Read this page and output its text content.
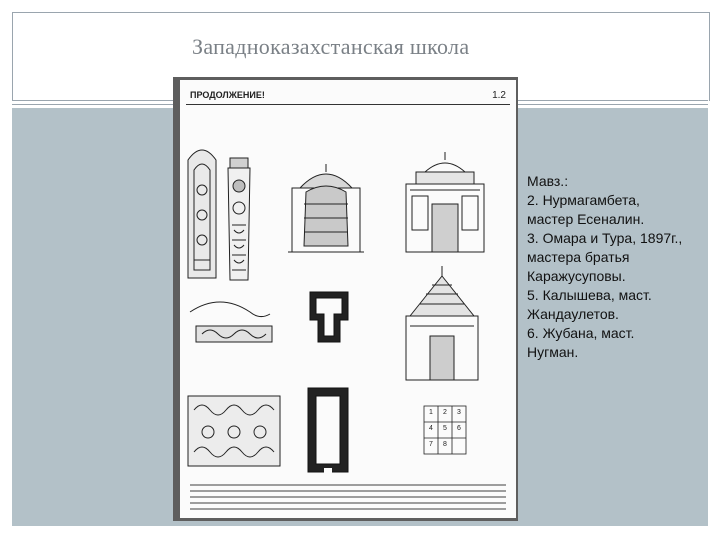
Западноказахстанская школа
ПРОДОЛЖЕНИЕ!	1.2
1	2	3
4	5	6
7	8
Мавз.:
2. Нурмагамбета,
мастер Есеналин.
3. Омара и Тура, 1897г.,
мастера братья
Каражусуповы.
5. Калышева, маст.
Жандаулетов.
6. Жубана, маст.
Нугман.
